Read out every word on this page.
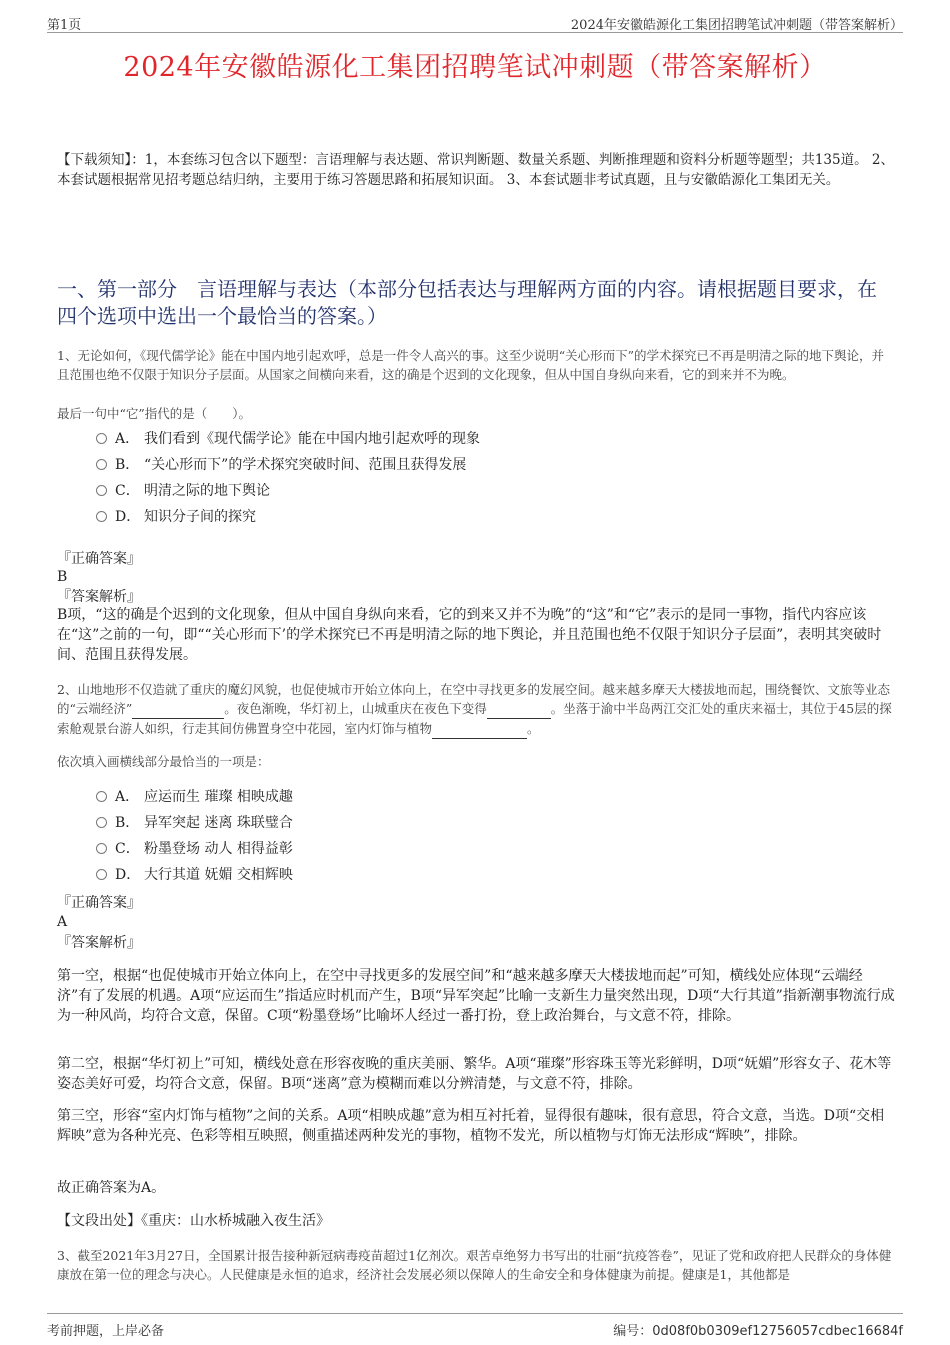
第1页	2024年安徽皓源化工集团招聘笔试冲刺题（带答案解析）
2024年安徽皓源化工集团招聘笔试冲刺题（带答案解析）
【下载须知】：1，本套练习包含以下题型：言语理解与表达题、常识判断题、数量关系题、判断推理题和资料分析题等题型；共135道。 2、本套试题根据常见招考题总结归纳，主要用于练习答题思路和拓展知识面。 3、本套试题非考试真题，且与安徽皓源化工集团无关。
一、第一部分　言语理解与表达（本部分包括表达与理解两方面的内容。请根据题目要求，在四个选项中选出一个最恰当的答案。）
1、无论如何，《现代儒学论》能在中国内地引起欢呼，总是一件令人高兴的事。这至少说明“关心形而下”的学术探究已不再是明清之际的地下舆论，并且范围也绝不仅限于知识分子层面。从国家之间横向来看，这的确是个迟到的文化现象，但从中国自身纵向来看，它的到来并不为晚。
最后一句中“它”指代的是（　　）。
A． 我们看到《现代儒学论》能在中国内地引起欢呼的现象
B． “关心形而下”的学术探究突破时间、范围且获得发展
C． 明清之际的地下舆论
D． 知识分子间的探究
『正确答案』
B
『答案解析』
B项，“这的确是个迟到的文化现象，但从中国自身纵向来看，它的到来又并不为晚”的“这”和“它”表示的是同一事物，指代内容应该在“这”之前的一句，即““关心形而下’的学术探究已不再是明清之际的地下舆论，并且范围也绝不仅限于知识分子层面”，表明其突破时间、范围且获得发展。
2、山地地形不仅造就了重庆的魔幻风貌，也促使城市开始立体向上，在空中寻找更多的发展空间。越来越多摩天大楼拔地而起，围绕餐饮、文旅等业态的“云端经济”	。夜色渐晚，华灯初上，山城重庆在夜色下变得	。坐落于渝中半岛两江交汇处的重庆来福士，其位于45层的探索舱观景台游人如织，行走其间仿佛置身空中花园，室内灯饰与植物	。
依次填入画横线部分最恰当的一项是：
A． 应运而生 璀璨 相映成趣
B． 异军突起 迷离 珠联璧合
C． 粉墨登场 动人 相得益彰
D． 大行其道 妩媚 交相辉映
『正确答案』
A
『答案解析』
第一空，根据“也促使城市开始立体向上，在空中寻找更多的发展空间”和“越来越多摩天大楼拔地而起”可知，横线处应体现“云端经济”有了发展的机遇。A项“应运而生”指适应时机而产生，B项“异军突起”比喻一支新生力量突然出现，D项“大行其道”指新潮事物流行成为一种风尚，均符合文意，保留。C项“粉墨登场”比喻坏人经过一番打扮，登上政治舞台，与文意不符，排除。
第二空，根据“华灯初上”可知，横线处意在形容夜晚的重庆美丽、繁华。A项“璀璨”形容珠玉等光彩鲜明，D项“妩媚”形容女子、花木等姿态美好可爱，均符合文意，保留。B项“迷离”意为模糊而难以分辨清楚，与文意不符，排除。
第三空，形容“室内灯饰与植物”之间的关系。A项“相映成趣”意为相互衬托着，显得很有趣味，很有意思，符合文意，当选。D项“交相辉映”意为各种光亮、色彩等相互映照，侧重描述两种发光的事物，植物不发光，所以植物与灯饰无法形成“辉映”，排除。
故正确答案为A。
【文段出处】《重庆：山水桥城融入夜生活》
3、截至2021年3月27日，全国累计报告接种新冠病毒疫苗超过1亿剂次。艰苦卓绝努力书写出的壮丽“抗疫答卷”，见证了党和政府把人民群众的身体健康放在第一位的理念与决心。人民健康是永恒的追求，经济社会发展必须以保障人的生命安全和身体健康为前提。健康是1，其他都是
考前押题，上岸必备	编号：0d08f0b0309ef12756057cdbec16684f
